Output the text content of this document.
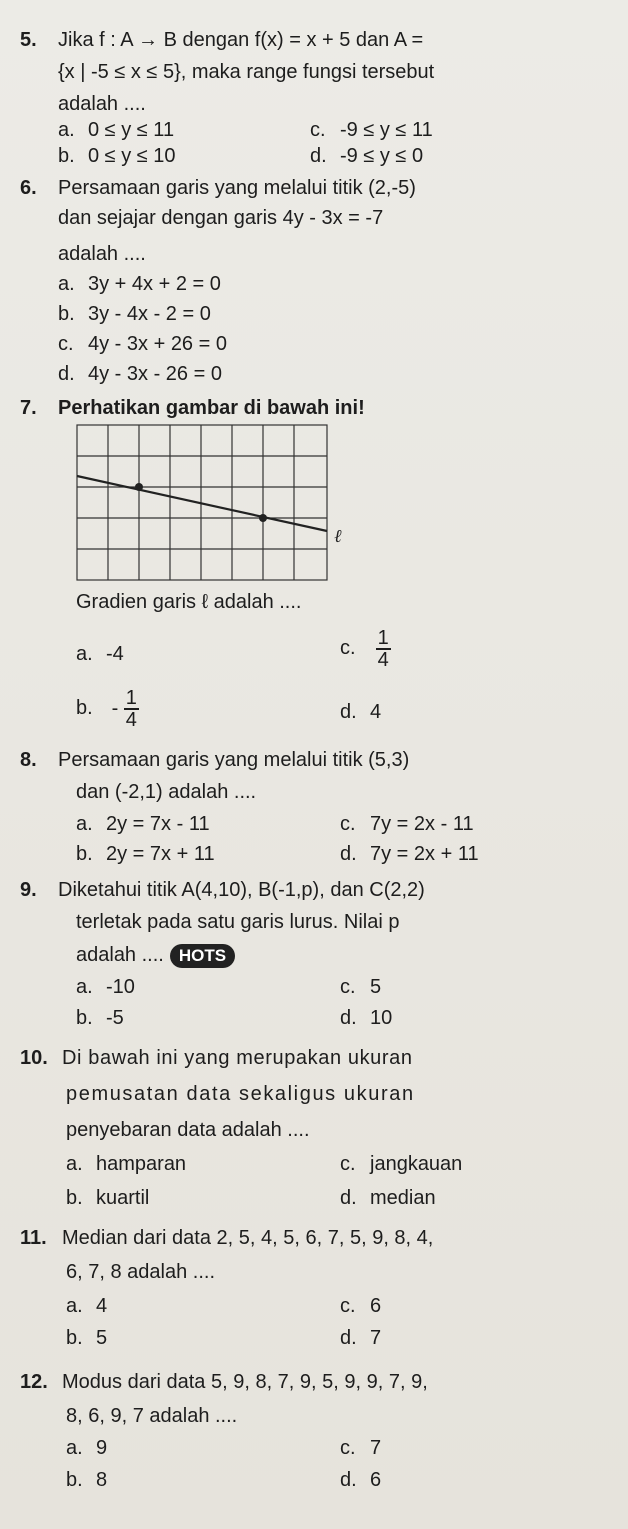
5. Jika f : A → B dengan f(x) = x + 5 dan A =
{x | -5 ≤ x ≤ 5}, maka range fungsi tersebut
adalah ....
a. 0 ≤ y ≤ 11	c. -9 ≤ y ≤ 11
b. 0 ≤ y ≤ 10	d. -9 ≤ y ≤ 0
6. Persamaan garis yang melalui titik (2,-5)
dan sejajar dengan garis 4y - 3x = -7
adalah ....
a. 3y + 4x + 2 = 0
b. 3y - 4x - 2 = 0
c. 4y - 3x + 26 = 0
d. 4y - 3x - 26 = 0
7. Perhatikan gambar di bawah ini!
ℓ
Gradien garis ℓ adalah ....
a. -4	c. $\frac{1}{4}$
b. - $\frac{1}{4}$	d. 4
8. Persamaan garis yang melalui titik (5,3)
dan (-2,1) adalah ....
a. 2y = 7x - 11	c. 7y = 2x - 11
b. 2y = 7x + 11	d. 7y = 2x + 11
9. Diketahui titik A(4,10), B(-1,p), dan C(2,2)
terletak pada satu garis lurus. Nilai p
adalah .... HOTS
a. -10	c. 5
b. -5	d. 10
10. Di bawah ini yang merupakan ukuran
pemusatan data sekaligus ukuran
penyebaran data adalah ....
a. hamparan	c. jangkauan
b. kuartil	d. median
11. Median dari data 2, 5, 4, 5, 6, 7, 5, 9, 8, 4,
6, 7, 8 adalah ....
a. 4	c. 6
b. 5	d. 7
12. Modus dari data 5, 9, 8, 7, 9, 5, 9, 9, 7, 9,
8, 6, 9, 7 adalah ....
a. 9	c. 7
b. 8	d. 6
